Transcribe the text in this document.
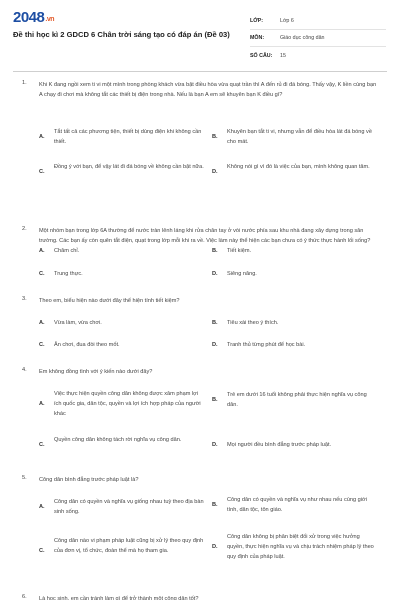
2048.vn
Đề thi học kì 2 GDCD 6 Chân trời sáng tạo có đáp án (Đề 03)
LỚP:	Lớp 6
MÔN:	Giáo dục công dân
SỐ CÂU:	15
1. Khi K đang ngồi xem ti vi một mình trong phòng khách vừa bật điều hòa vừa quạt trần thì A đến rủ đi đá bóng. Thấy vậy, K liền cùng bạn A chạy đi chơi mà không tắt các thiết bị điện trong nhà. Nếu là bạn A em sẽ khuyên bạn K điều gì?
A.
Tắt tất cả các phương tiện, thiết bị dùng điện khi không cần thiết.
B.
Khuyên bạn tắt ti vi, nhưng vẫn để điều hòa lát đá bóng về cho mát.
C.
Đồng ý với bạn, để vậy lát đi đá bóng về không cần bật nữa.
D.
Không nói gì vì đó là việc của bạn, mình không quan tâm.
2. Một nhóm bạn trong lớp 6A thường để nước tràn lênh láng khi rửa chân tay ở vòi nước phía sau khu nhà đang xây dựng trong sân trường. Các bạn ấy còn quên tắt điện, quạt trong lớp mỗi khi ra về. Việc làm này thể hiện các bạn chưa có ý thức thực hành lối sống?
A. Chăm chỉ.	B. Tiết kiệm.
C. Trung thực.	D. Siêng năng.
3. Theo em, biểu hiện nào dưới đây thể hiện tính tiết kiệm?
A. Vừa làm, vừa chơi.	B. Tiêu xài theo ý thích.
C. Ăn chơi, đua đòi theo mốt.	D. Tranh thủ từng phút để học bài.
4. Em không đồng tình với ý kiến nào dưới đây?
A.
Việc thực hiện quyền công dân không được xâm phạm lợi ích quốc gia, dân tộc, quyền và lợi ích hợp pháp của người khác
B.
Trẻ em dưới 16 tuổi không phải thực hiện nghĩa vụ công dân.
C.
Quyền công dân không tách rời nghĩa vụ công dân.
D. Mọi người đều bình đẳng trước pháp luật.
5. Công dân bình đẳng trước pháp luật là?
A.
Công dân có quyền và nghĩa vụ giống nhau tuỳ theo địa bàn sinh sống.
B.
Công dân có quyền và nghĩa vụ như nhau nếu cùng giới tính, dân tộc, tôn giáo.
C.
Công dân nào vi phạm pháp luật cũng bị xử lý theo quy định của đơn vị, tổ chức, đoàn thể mà họ tham gia.
D.
Công dân không bị phân biệt đối xử trong việc hưởng quyền, thực hiện nghĩa vụ và chịu trách nhiệm pháp lý theo quy định của pháp luật.
6. Là học sinh, em cần tránh làm gì để trở thành một công dân tốt?
